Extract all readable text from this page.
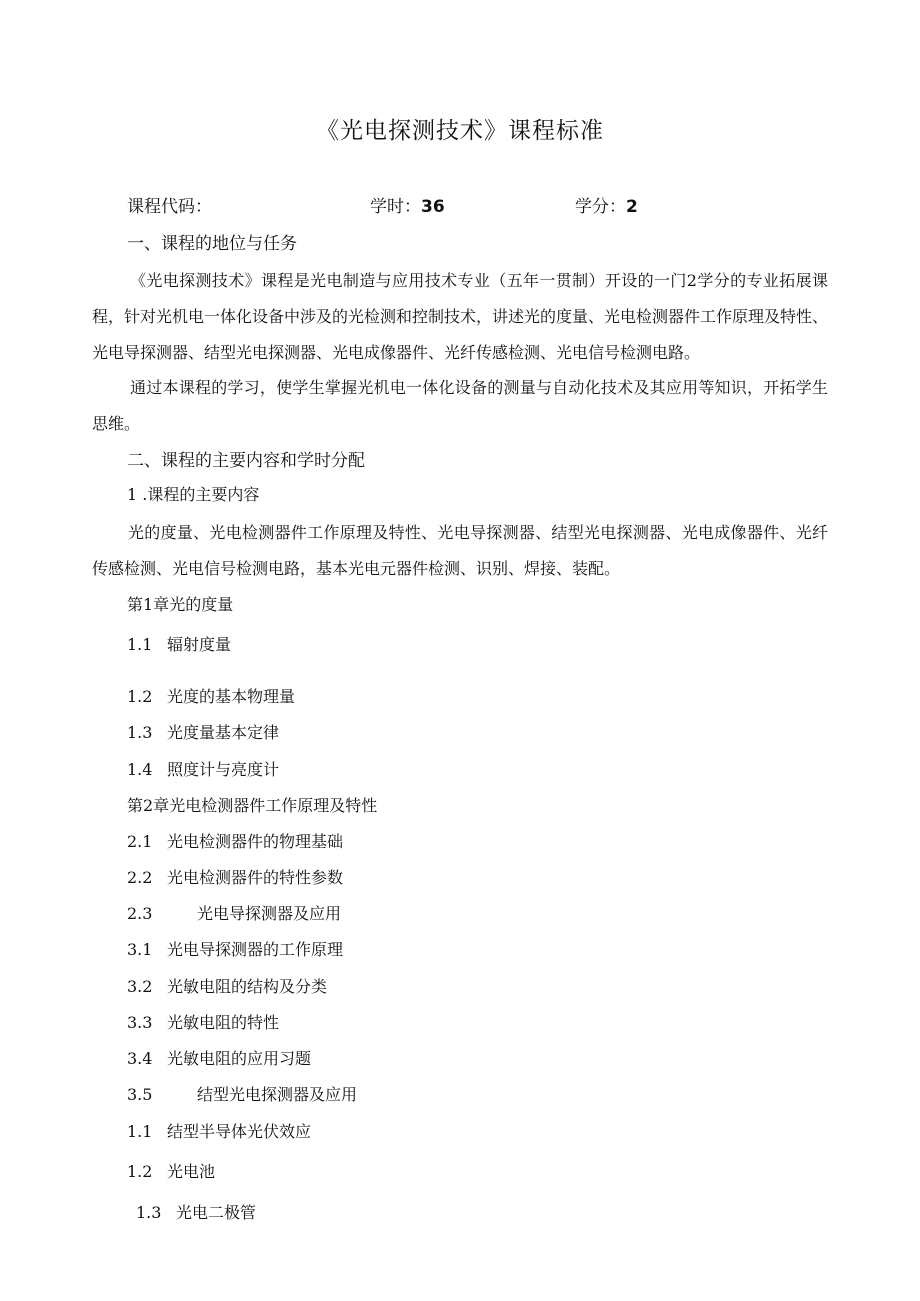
《光电探测技术》课程标准
课程代码：	学时：36	学分：2
一、课程的地位与任务
《光电探测技术》课程是光电制造与应用技术专业（五年一贯制）开设的一门2学分的专业拓展课程，针对光机电一体化设备中涉及的光检测和控制技术，讲述光的度量、光电检测器件工作原理及特性、光电导探测器、结型光电探测器、光电成像器件、光纤传感检测、光电信号检测电路。
通过本课程的学习，使学生掌握光机电一体化设备的测量与自动化技术及其应用等知识，开拓学生思维。
二、课程的主要内容和学时分配
1 .课程的主要内容
光的度量、光电检测器件工作原理及特性、光电导探测器、结型光电探测器、光电成像器件、光纤传感检测、光电信号检测电路，基本光电元器件检测、识别、焊接、装配。
第1章光的度量
1.1 辐射度量
1.2 光度的基本物理量
1.3 光度量基本定律
1.4 照度计与亮度计
第2章光电检测器件工作原理及特性
2.1 光电检测器件的物理基础
2.2 光电检测器件的特性参数
2.3	光电导探测器及应用
3.1 光电导探测器的工作原理
3.2 光敏电阻的结构及分类
3.3 光敏电阻的特性
3.4 光敏电阻的应用习题
3.5	结型光电探测器及应用
1.1 结型半导体光伏效应
1.2 光电池
1.3 光电二极管
